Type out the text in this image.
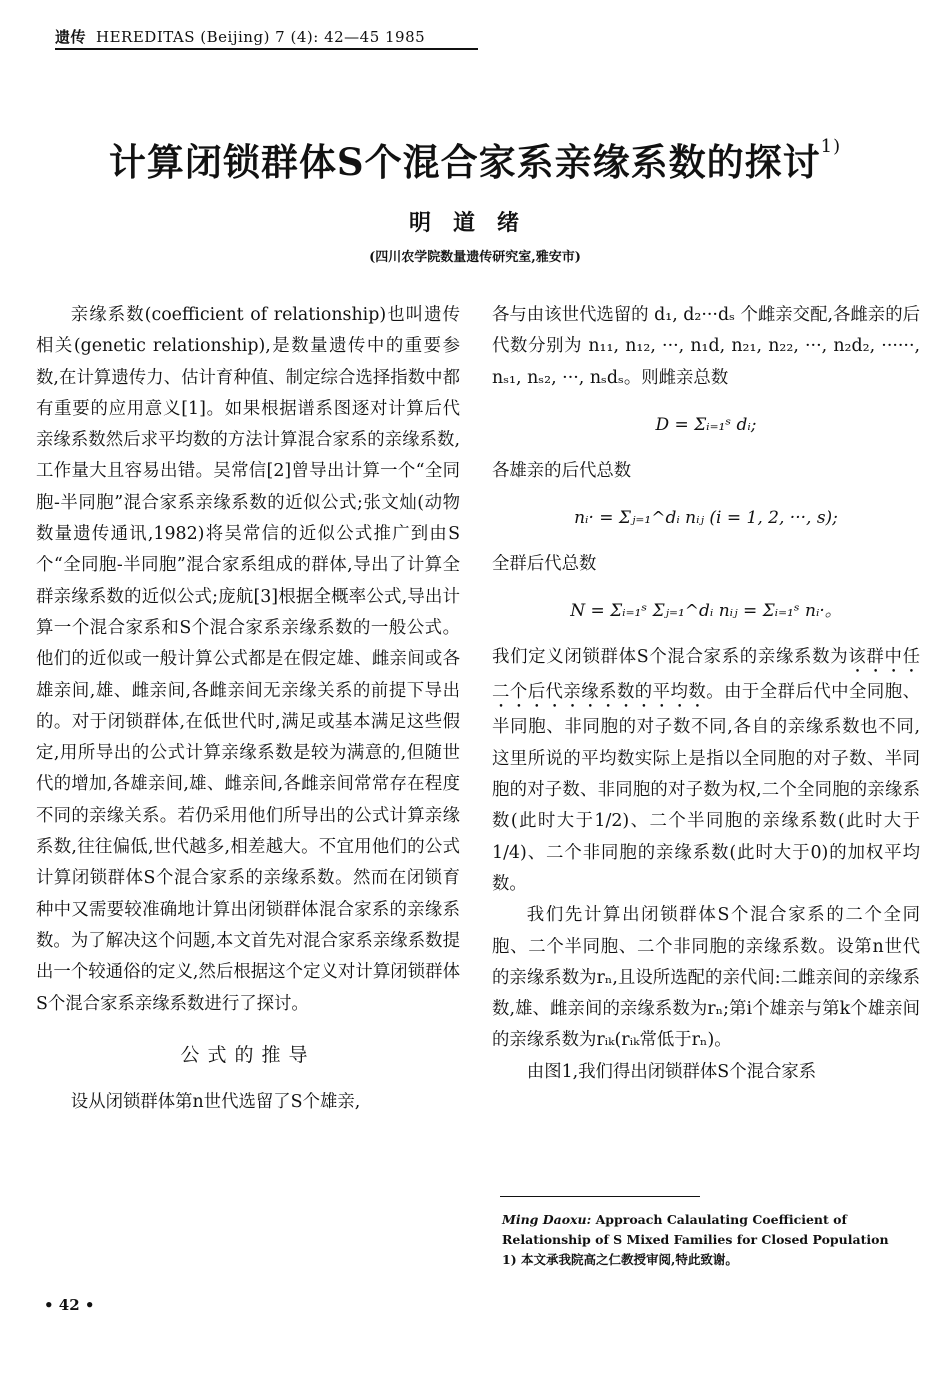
遗传 HEREDITAS (Beijing) 7 (4): 42—45 1985
计算闭锁群体S个混合家系亲缘系数的探讨$^{1)}$
明道绪
(四川农学院数量遗传研究室,雅安市)

亲缘系数(coefficient of relationship)也叫遗传相关(genetic relationship),是数量遗传中的重要参数,在计算遗传力、估计育种值、制定综合选择指数中都有重要的应用意义[1]。如果根据谱系图逐对计算后代亲缘系数然后求平均数的方法计算混合家系的亲缘系数,工作量大且容易出错。吴常信[2]曾导出计算一个“全同胞-半同胞”混合家系亲缘系数的近似公式;张文灿(动物数量遗传通讯,1982)将吴常信的近似公式推广到由S个“全同胞-半同胞”混合家系组成的群体,导出了计算全群亲缘系数的近似公式;庞航[3]根据全概率公式,导出计算一个混合家系和S个混合家系亲缘系数的一般公式。他们的近似或一般计算公式都是在假定雄、雌亲间或各雄亲间,雄、雌亲间,各雌亲间无亲缘关系的前提下导出的。对于闭锁群体,在低世代时,满足或基本满足这些假定,用所导出的公式计算亲缘系数是较为满意的,但随世代的增加,各雄亲间,雄、雌亲间,各雌亲间常常存在程度不同的亲缘关系。若仍采用他们所导出的公式计算亲缘系数,往往偏低,世代越多,相差越大。不宜用他们的公式计算闭锁群体S个混合家系的亲缘系数。然而在闭锁育种中又需要较准确地计算出闭锁群体混合家系的亲缘系数。为了解决这个问题,本文首先对混合家系亲缘系数提出一个较通俗的定义,然后根据这个定义对计算闭锁群体S个混合家系亲缘系数进行了探讨。

公式的推导

设从闭锁群体第n世代选留了S个雄亲,

各与由该世代选留的 d₁, d₂···dₛ 个雌亲交配,各雌亲的后代数分别为 n₁₁, n₁₂, ···, n₁d, n₂₁, n₂₂, ···, n₂d₂, ······, nₛ₁, nₛ₂, ···, nₛdₛ。则雌亲总数

D = Σᵢ₌₁ˢ dᵢ;

各雄亲的后代总数

nᵢ· = Σⱼ₌₁^dᵢ nᵢⱼ (i = 1, 2, ···, s);

全群后代总数

N = Σᵢ₌₁ˢ Σⱼ₌₁^dᵢ nᵢⱼ = Σᵢ₌₁ˢ nᵢ·。

我们定义闭锁群体S个混合家系的亲缘系数为该群中任二个后代亲缘系数的平均数。由于全群后代中全同胞、半同胞、非同胞的对子数不同,各自的亲缘系数也不同,这里所说的平均数实际上是指以全同胞的对子数、半同胞的对子数、非同胞的对子数为权,二个全同胞的亲缘系数(此时大于1/2)、二个半同胞的亲缘系数(此时大于1/4)、二个非同胞的亲缘系数(此时大于0)的加权平均数。

我们先计算出闭锁群体S个混合家系的二个全同胞、二个半同胞、二个非同胞的亲缘系数。设第n世代的亲缘系数为rₙ,且设所选配的亲代间:二雌亲间的亲缘系数,雄、雌亲间的亲缘系数为rₙ;第i个雄亲与第k个雄亲间的亲缘系数为rᵢₖ(rᵢₖ常低于rₙ)。

由图1,我们得出闭锁群体S个混合家系

Ming Daoxu: Approach Calaulating Coefficient of Relationship of S Mixed Families for Closed Population
1) 本文承我院高之仁教授审阅,特此致谢。
• 42 •
